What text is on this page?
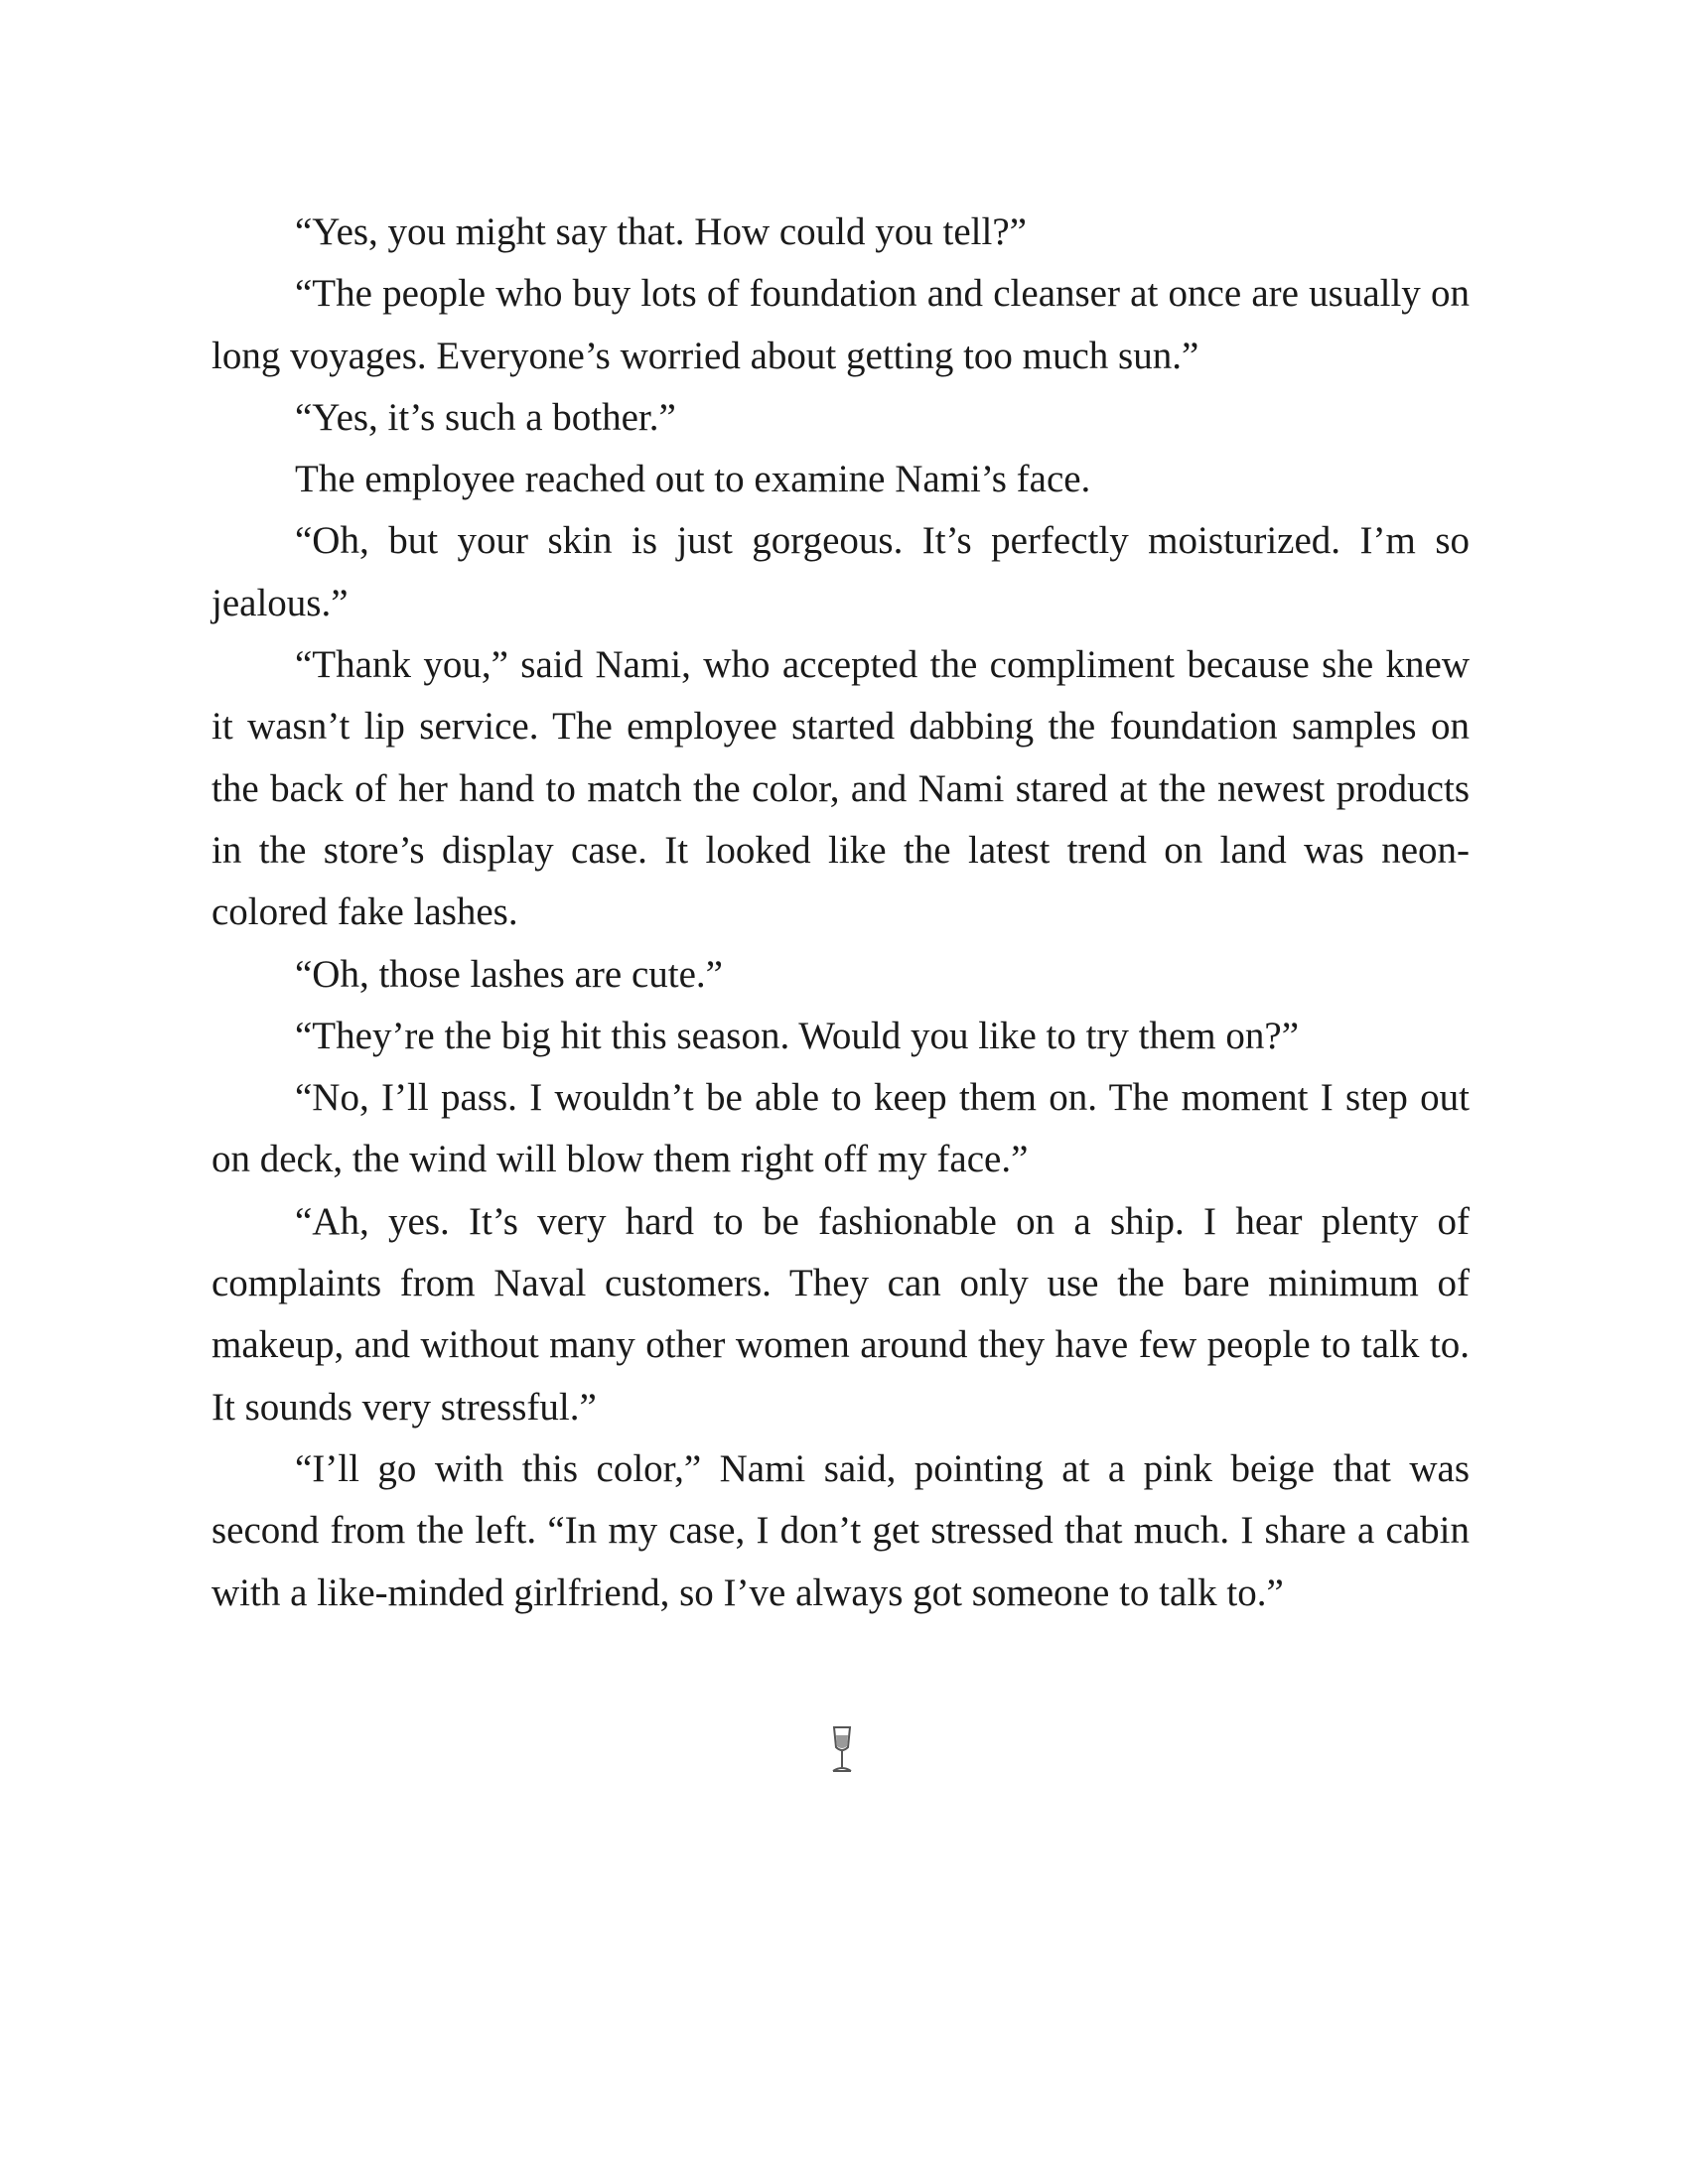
“Yes, you might say that. How could you tell?”

“The people who buy lots of foundation and cleanser at once are usually on long voyages. Everyone’s worried about getting too much sun.”

“Yes, it’s such a bother.”

The employee reached out to examine Nami’s face.

“Oh, but your skin is just gorgeous. It’s perfectly moisturized. I’m so jealous.”

“Thank you,” said Nami, who accepted the compliment because she knew it wasn’t lip service. The employee started dabbing the foundation samples on the back of her hand to match the color, and Nami stared at the newest products in the store’s display case. It looked like the latest trend on land was neon-colored fake lashes.

“Oh, those lashes are cute.”

“They’re the big hit this season. Would you like to try them on?”

“No, I’ll pass. I wouldn’t be able to keep them on. The moment I step out on deck, the wind will blow them right off my face.”

“Ah, yes. It’s very hard to be fashionable on a ship. I hear plenty of complaints from Naval customers. They can only use the bare minimum of makeup, and without many other women around they have few people to talk to. It sounds very stressful.”

“I’ll go with this color,” Nami said, pointing at a pink beige that was second from the left. “In my case, I don’t get stressed that much. I share a cabin with a like-minded girlfriend, so I’ve always got someone to talk to.”
